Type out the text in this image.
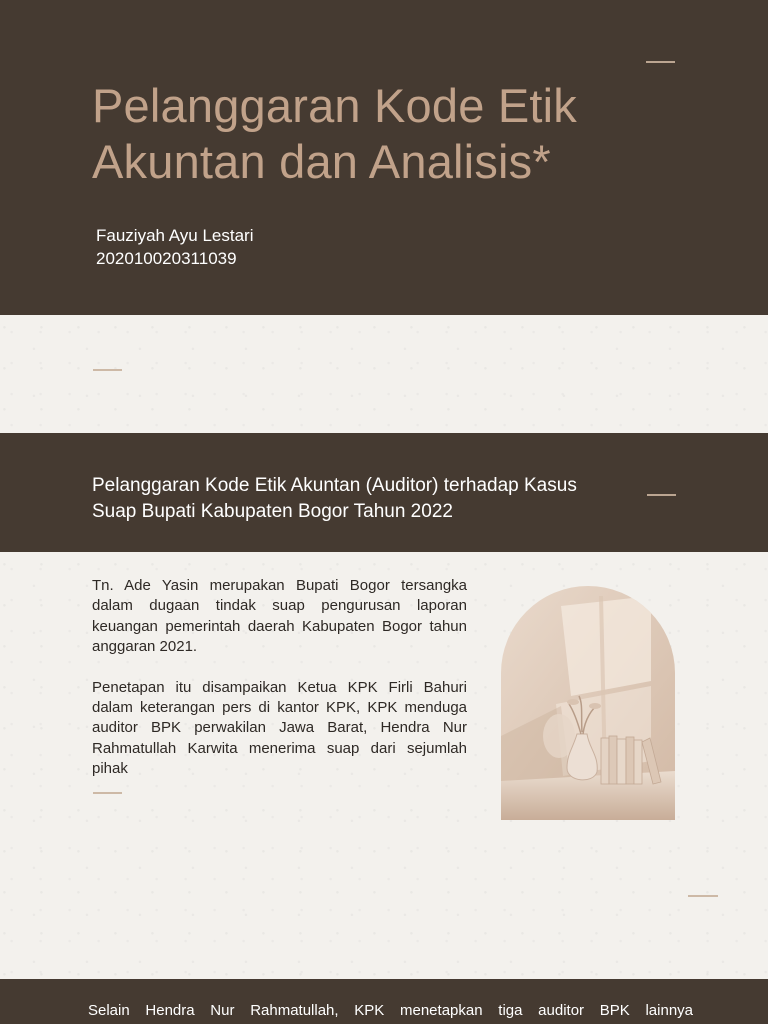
Pelanggaran Kode Etik
Akuntan dan Analisis*
Fauziyah Ayu Lestari
202010020311039
Pelanggaran Kode Etik Akuntan (Auditor) terhadap Kasus
Suap Bupati Kabupaten Bogor Tahun 2022

Tn. Ade Yasin merupakan Bupati Bogor tersangka dalam dugaan tindak suap pengurusan laporan keuangan pemerintah daerah Kabupaten Bogor tahun anggaran 2021.

Penetapan itu disampaikan Ketua KPK Firli Bahuri dalam keterangan pers di kantor KPK, KPK menduga auditor BPK perwakilan Jawa Barat, Hendra Nur Rahmatullah Karwita menerima suap dari sejumlah pihak

Selain Hendra Nur Rahmatullah, KPK menetapkan tiga auditor BPK lainnya
